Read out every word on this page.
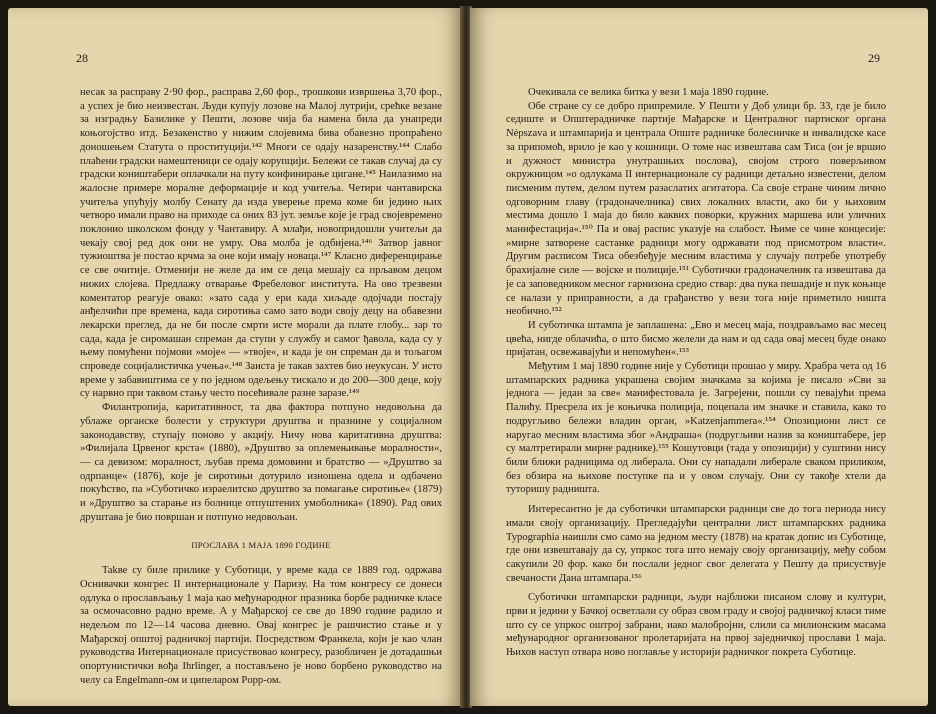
28

несак за расправу 2·90 фор., расправа 2,60 фор., трошкови извршења 3,70 фор., а успех је био неизвестан. Људи купују лозове на Малој лутрији, срећке везане за изградњу Базилике у Пешти, лозове чија ба намена била да унапреди коњогојство итд. Безакенство у нижим слојевима бива обавезно пропраћено доношењем Статута о проституцији.¹⁴² Многи се одају назаренству.¹⁴⁴ Слабо плаћени градски намештеници се одају корупцији. Бележи се такав случај да су градски коништабери оплачкали на путу конфинирање цигане.¹⁴⁵ Наилазимо на жалосне примере моралне деформације и код учитеља. Четири чантавирска учитеља упућују молбу Сенату да изда уверење према коме би једино њих четворо имали право на приходе са оних 83 јут. земље које је град својевремено поклонио школском фонду у Чантавиру. А млађи, новопридошли учитељи да чекају свој ред док они не умру. Ова молба је одбијена.¹⁴⁶ Затвор јавног тужиоштва је постао крчма за оне који имају новаца.¹⁴⁷ Класно диференцирање се све очитије. Отменији не желе да им се деца мешају са прљавом децом нижих слојева. Предлажу отварање Фребеловог института. На ово трезвени коментатор реагује овако: »зато сада у ери када хиљаде одојчади постају анђелчићи пре времена, када сиротиња само зато води своју децу на обавезни лекарски преглед, да не би после смрти исте морали да плате глобу... зар то сада, када је сиромашан спреман да ступи у службу и самог ђавола, када су у њему помућени појмови »моје« — »твоје«, и када је он спреман да и тољагом спроведе социјалистичка учења«.¹⁴⁸ Заиста је такав захтев био неукусан. У исто време у забавиштима се у по једном одељењу тискало и до 200—300 деце, коју су нарвно при таквом стању често посећивале разне заразе.¹⁴⁹

Филантропија, каритативност, та два фактора потпуно недовољна да ублаже органске болести у структури друштва и празнине у социјалном законодавству, ступају поново у акцију. Ничу нова каритативна друштва: »Филијала Црвеног крста« (1880), »Друштво за оплемењивање моралности«, — са девизом: моралност, љубав према домовини и братство — »Друштво за одрпанце« (1876), које је сиротињи дотурило изношена одела и одбачено покућство, па »Суботичко израелитско друштво за помагање сиротиње« (1879) и »Друштво за старање из болнице отпуштених умоболника« (1890). Рад ових друштава је био површан и потпуно недовољан.

ПРОСЛАВА 1 МАЈА 1890 ГОДИНЕ

Takве су биле прилике у Суботици, у време када се 1889 год. одржава Оснивачки конгрес II интернационале у Паризу. На том конгресу се донеси одлука о прослављању 1 маја као међународног празника борбе радничке класе за осмочасовно радно време. А у Мађарској се све до 1890 године радило и недељом по 12—14 часова дневно. Овај конгрес је рашчистио стање и у Мађарској општој радничкој партији. Посредством Франкела, који је као члан руководства Интернационале присуствовао конгресу, разобличен је дотадашњи опортунистички вођа Ihrlinger, а постављено је ново борбено руководство на челу са Engelmann-ом и ципеларом Popp-ом.

29

Очекивала се велика битка у вези 1 маја 1890 године.

Обе стране су се добро припремиле. У Пешти у Доб улици бр. 33, где је било седиште и Општерадничке партије Мађарске и Централног партиског органа Népszava и штампарија и централа Опште радничке болесничке и инвалидске касе за припомоћ, врило је као у кошници. О томе нас извештава сам Тиса (он је вршио и дужност министра унутрашњих послова), својом строго поверљивом окружницом »о одлукама II интернационале су радници детаљно известени, делом писменим путем, делом путем разаслатих агитатора. Са своје стране чиним лично одговорним главу (градоначелника) свих локалних власти, ако би у њиховим местима дошло 1 маја до било каквих поворки, кружних маршева или уличних манифестација«.¹⁵⁰ Па и овај распис указује на слабост. Њиме се чине концесије: »мирне затворене састанке радници могу одржавати под присмотром власти«. Другим расписом Тиса обезбеђује месним властима у случају потребе употребу брахијалне силе — војске и полиције.¹⁵¹ Суботички градоначелник га извештава да је са заповедником месног гарнизона средио ствар: два пука пешадије и пук коњице се налази у приправности, а да грађанство у вези тога није приметило ништа необично.¹⁵²

И суботичка штампа је заплашена: „Ево и месец маја, поздрављамо вас месец цвећа, нигде облачића, о што бисмо желели да нам и од сада овај месец буде онако пријатан, освежавајући и непомућен«.¹⁵³

Међутим 1 мај 1890 године није у Суботици прошао у миру. Храбра чета од 16 штампарских радника украшена својим значкама за којима је писало »Сви за једнога — један за све« манифестовала је. Загрејени, пошли су певајући према Палићу. Преcрела их је коњичка полиција, пoцепала им значке и ставила, како то подругљиво бележи владин орган, »Katzenjammera«.¹⁵⁴ Опозициони лист се наругао месним властима због »Андраша« (подругљиви назив за коништабере, јер су малтретирали мирне раднике).¹⁵⁵ Кошутовци (тада у опозицији) у суштини нису били ближи радницима од либерала. Они су нападали либерале сваком приликом, без обзира на њихове поступке па и у овом случају. Они су такође хтели да туторишу радништа.

Интересантно је да суботички штампарски радници све до тога периода нису имали своју организацију. Прегледајући централни лист штампарских радника Typographia наишли смо само на једном месту (1878) на кратак допис из Суботице, где они извештавају да су, упркос тога што немају своју организацију, међу собом сакупили 20 фор. како би послали једног свог делегата у Пешту да присуствује свечаности Дана штампара.¹⁵⁶

Суботички штампарски радници, људи најближи писаном слову и култури, први и једини у Бачкој осветлали су образ свом граду и својој радничкој класи тиме што су се упркос оштрој забрани, иако малобројни, слили са милионским масама међународног организованог пролетаријата на првој заједничкој прослави 1 маја. Њихов наступ отвара ново поглавље у историји радничког покрета Суботице.
